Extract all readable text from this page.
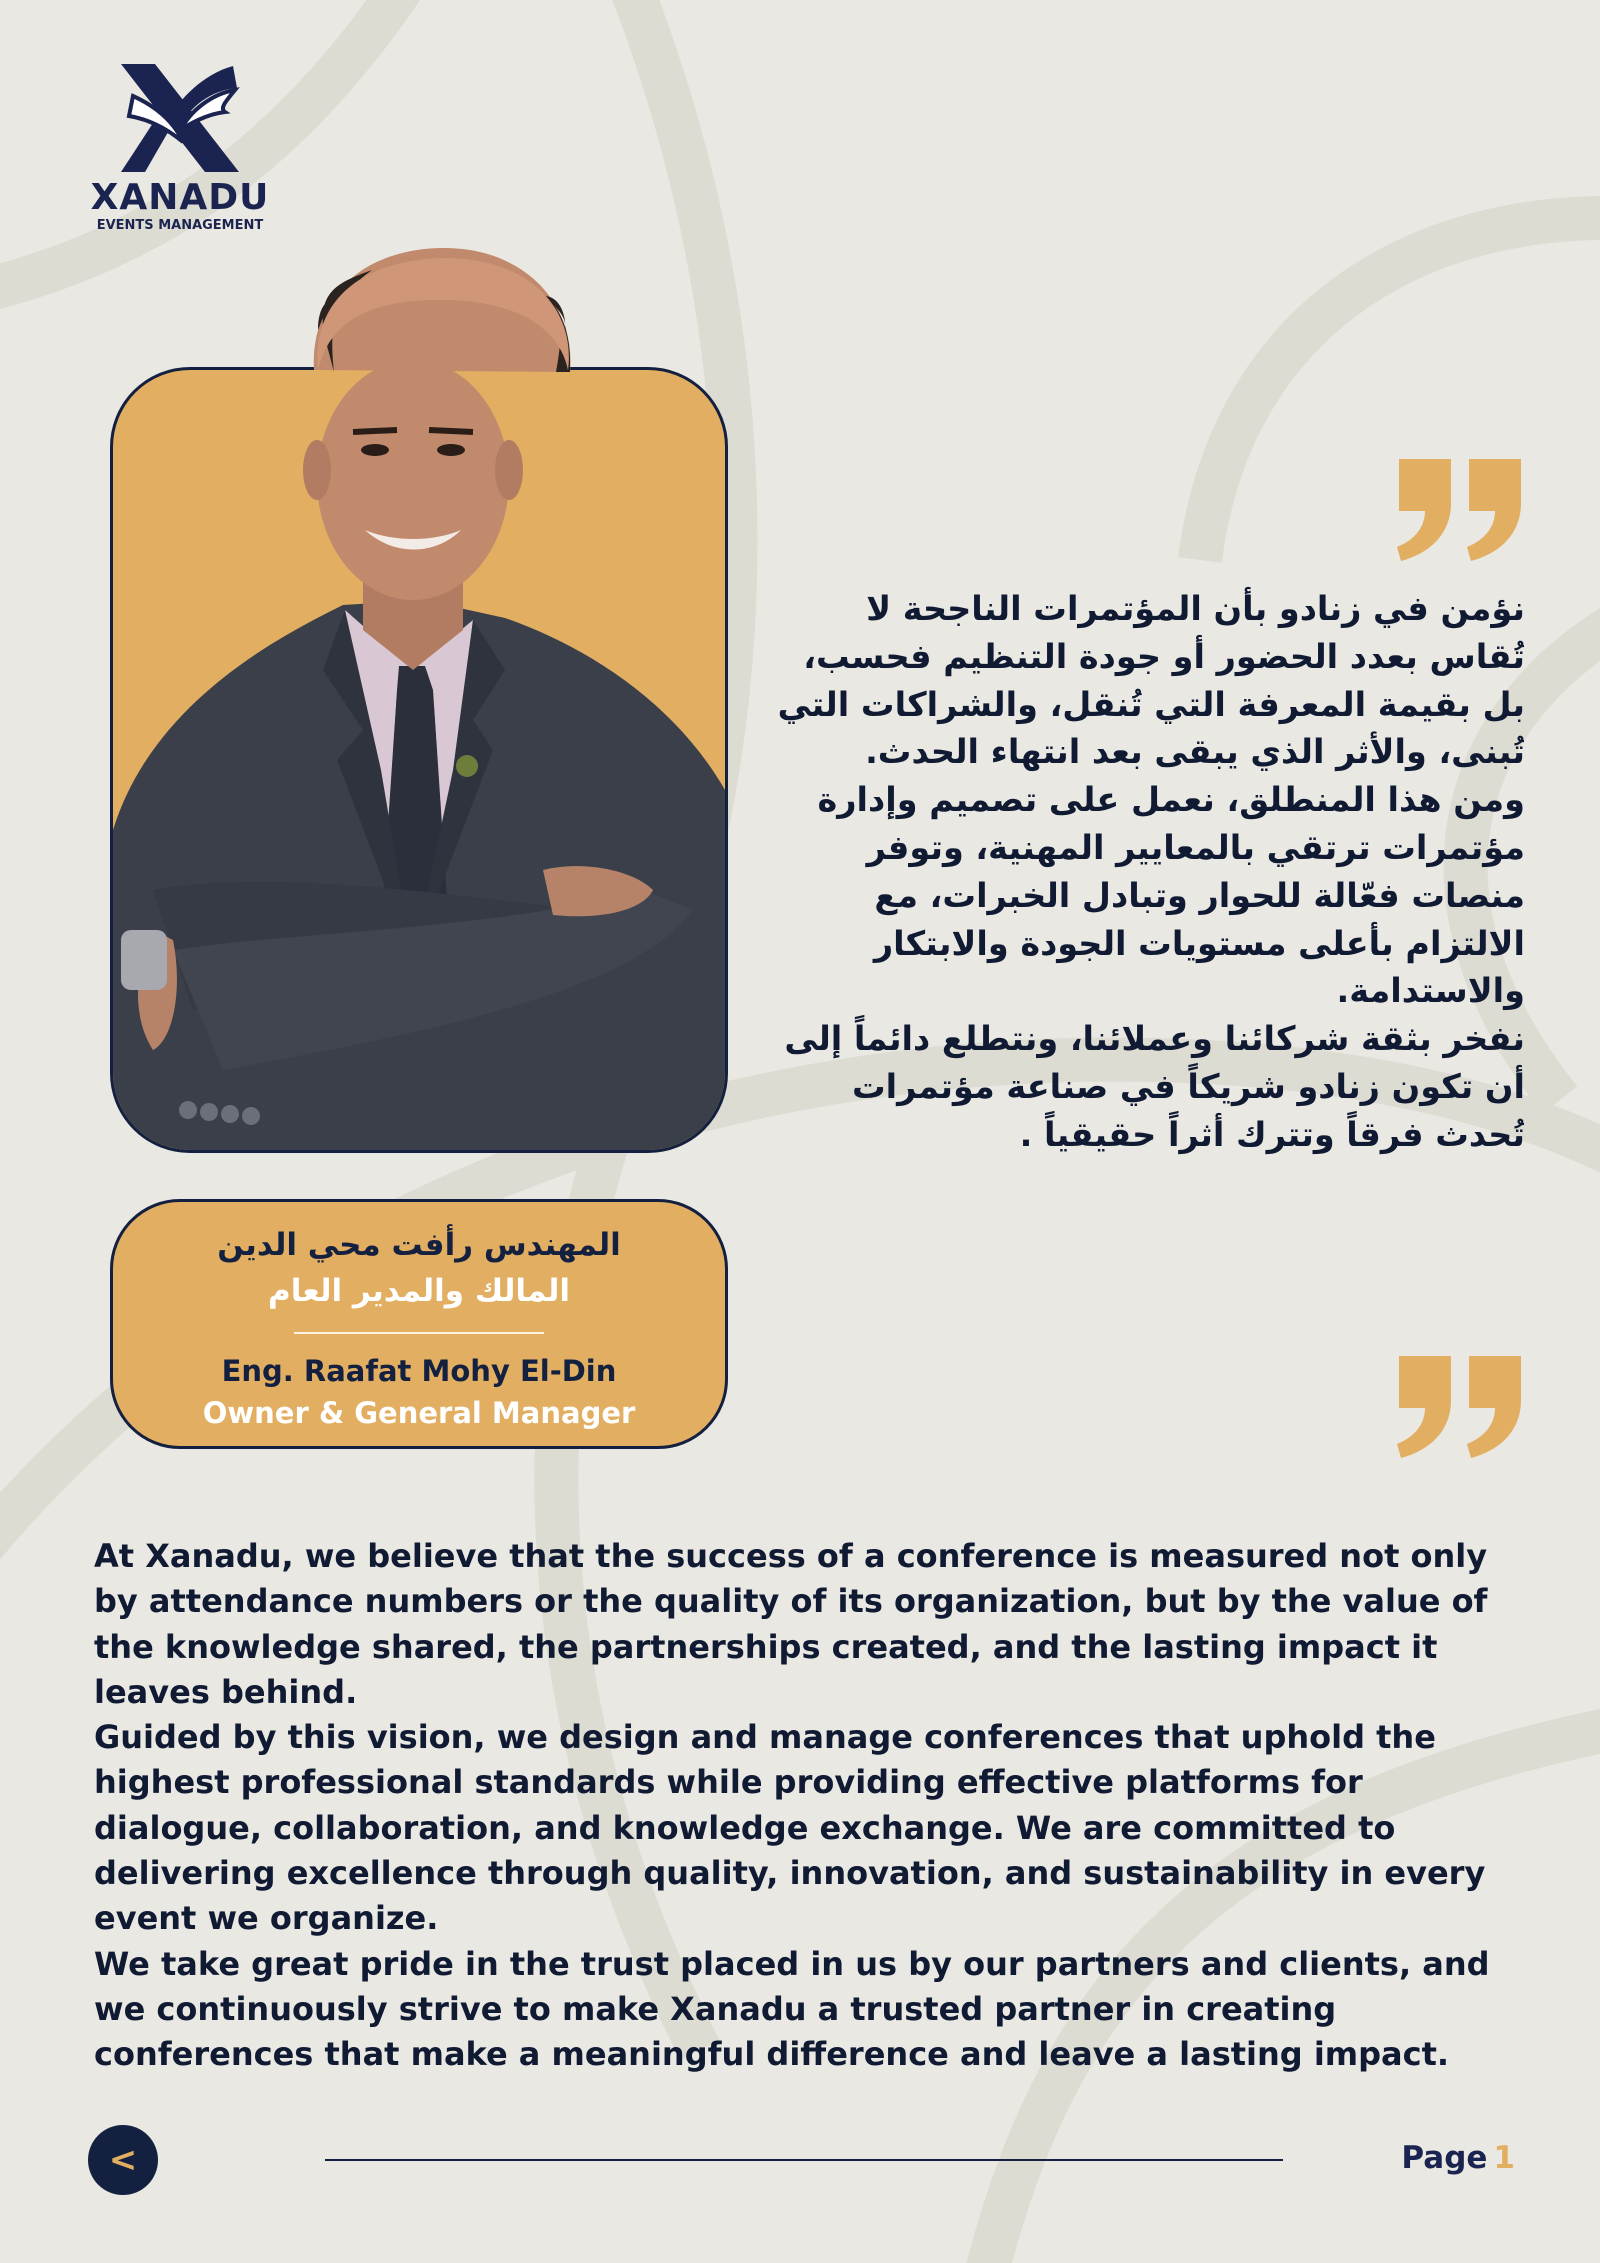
XANADU
EVENTS MANAGEMENT
المهندس رأفت محي الدين
المالك والمدير العام
Eng. Raafat Mohy El-Din
Owner & General Manager
نؤمن في زنادو بأن المؤتمرات الناجحة لا
تُقاس بعدد الحضور أو جودة التنظيم فحسب،
بل بقيمة المعرفة التي تُنقل، والشراكات التي
تُبنى، والأثر الذي يبقى بعد انتهاء الحدث.
ومن هذا المنطلق، نعمل على تصميم وإدارة
مؤتمرات ترتقي بالمعايير المهنية، وتوفر
منصات فعّالة للحوار وتبادل الخبرات، مع
الالتزام بأعلى مستويات الجودة والابتكار
والاستدامة.
نفخر بثقة شركائنا وعملائنا، ونتطلع دائماً إلى
أن تكون زنادو شريكاً في صناعة مؤتمرات
تُحدث فرقاً وتترك أثراً حقيقياً .
At Xanadu, we believe that the success of a conference is measured not only
by attendance numbers or the quality of its organization, but by the value of
the knowledge shared, the partnerships created, and the lasting impact it
leaves behind.
Guided by this vision, we design and manage conferences that uphold the
highest professional standards while providing effective platforms for
dialogue, collaboration, and knowledge exchange. We are committed to
delivering excellence through quality, innovation, and sustainability in every
event we organize.
We take great pride in the trust placed in us by our partners and clients, and
we continuously strive to make Xanadu a trusted partner in creating
conferences that make a meaningful difference and leave a lasting impact.
<	Page 1
